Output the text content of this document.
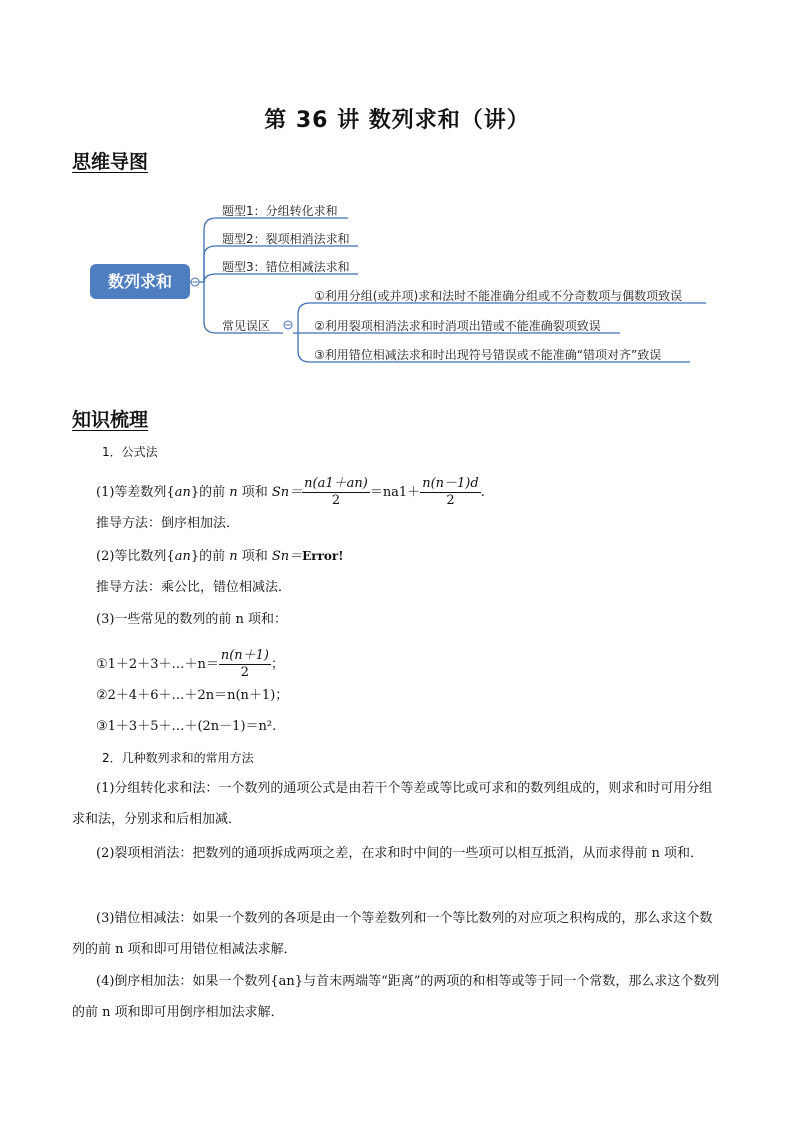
第 36 讲 数列求和（讲）
思维导图
数列求和
题型1：分组转化求和
题型2：裂项相消法求和
题型3：错位相减法求和
常见误区
①利用分组(或并项)求和法时不能准确分组或不分奇数项与偶数项致误
②利用裂项相消法求和时消项出错或不能准确裂项致误
③利用错位相减法求和时出现符号错误或不能准确“错项对齐”致误
知识梳理
1．公式法
(1)等差数列{an}的前 n 项和 $Sn= \frac{n(a1+an)}{2} =na1+ \frac{n(n-1)d}{2}$ .
推导方法：倒序相加法．
(2)等比数列{an}的前 n 项和 Sn＝Error!
推导方法：乘公比，错位相减法．
(3)一些常见的数列的前 n 项和：
①1＋2＋3＋…＋n＝ $\frac{n(n+1)}{2}$ ；
②2＋4＋6＋…＋2n＝n(n＋1)；
③1＋3＋5＋…＋(2n－1)＝n².
2．几种数列求和的常用方法
(1)分组转化求和法：一个数列的通项公式是由若干个等差或等比或可求和的数列组成的，则求和时可用分组求和法，分别求和后相加减．
(2)裂项相消法：把数列的通项拆成两项之差，在求和时中间的一些项可以相互抵消，从而求得前 n 项和．
(3)错位相减法：如果一个数列的各项是由一个等差数列和一个等比数列的对应项之积构成的，那么求这个数列的前 n 项和即可用错位相减法求解．
(4)倒序相加法：如果一个数列{an}与首末两端等“距离”的两项的和相等或等于同一个常数，那么求这个数列的前 n 项和即可用倒序相加法求解．
